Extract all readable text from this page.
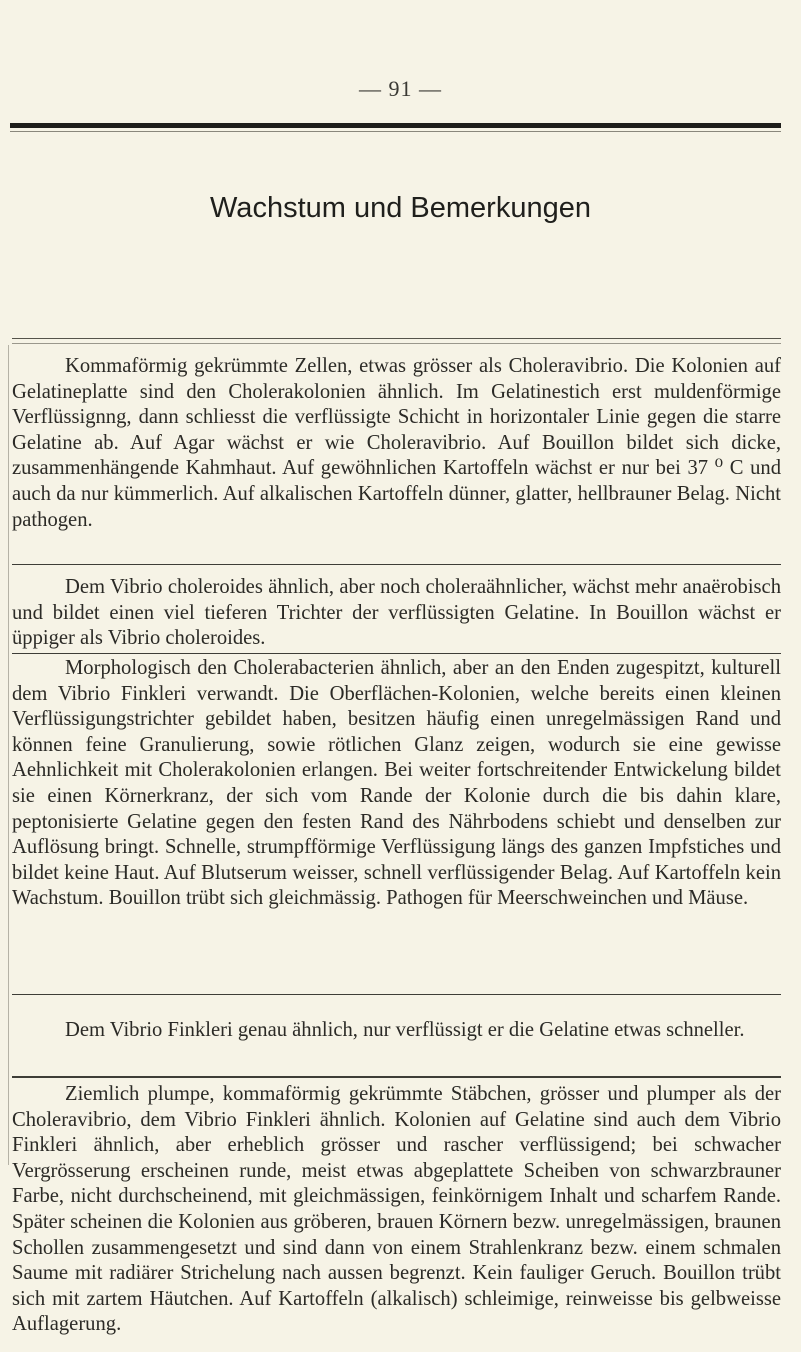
— 91 —
Wachstum und Bemerkungen

Kommaförmig gekrümmte Zellen, etwas grösser als Choleravibrio. Die Kolonien auf Gelatineplatte sind den Cholerakolonien ähnlich. Im Gelatinestich erst muldenförmige Verflüssignng, dann schliesst die verflüssigte Schicht in horizontaler Linie gegen die starre Gelatine ab. Auf Agar wächst er wie Choleravibrio. Auf Bouillon bildet sich dicke, zusammenhängende Kahmhaut. Auf gewöhnlichen Kartoffeln wächst er nur bei 37 ⁰ C und auch da nur kümmerlich. Auf alkalischen Kartoffeln dünner, glatter, hellbrauner Belag. Nicht pathogen.

Dem Vibrio choleroides ähnlich, aber noch choleraähnlicher, wächst mehr anaërobisch und bildet einen viel tieferen Trichter der verflüssigten Gelatine. In Bouillon wächst er üppiger als Vibrio choleroides.

Morphologisch den Cholerabacterien ähnlich, aber an den Enden zugespitzt, kulturell dem Vibrio Finkleri verwandt. Die Oberflächen-Kolonien, welche bereits einen kleinen Verflüssigungstrichter gebildet haben, besitzen häufig einen unregelmässigen Rand und können feine Granulierung, sowie rötlichen Glanz zeigen, wodurch sie eine gewisse Aehnlichkeit mit Cholerakolonien erlangen. Bei weiter fortschreitender Entwickelung bildet sie einen Körnerkranz, der sich vom Rande der Kolonie durch die bis dahin klare, peptonisierte Gelatine gegen den festen Rand des Nährbodens schiebt und denselben zur Auflösung bringt. Schnelle, strumpfförmige Verflüssigung längs des ganzen Impfstiches und bildet keine Haut. Auf Blutserum weisser, schnell verflüssigender Belag. Auf Kartoffeln kein Wachstum. Bouillon trübt sich gleichmässig. Pathogen für Meerschweinchen und Mäuse.

Dem Vibrio Finkleri genau ähnlich, nur verflüssigt er die Gelatine etwas schneller.

Ziemlich plumpe, kommaförmig gekrümmte Stäbchen, grösser und plumper als der Choleravibrio, dem Vibrio Finkleri ähnlich. Kolonien auf Gelatine sind auch dem Vibrio Finkleri ähnlich, aber erheblich grösser und rascher verflüssigend; bei schwacher Vergrösserung erscheinen runde, meist etwas abgeplattete Scheiben von schwarzbrauner Farbe, nicht durchscheinend, mit gleichmässigen, feinkörnigem Inhalt und scharfem Rande. Später scheinen die Kolonien aus gröberen, brauen Körnern bezw. unregelmässigen, braunen Schollen zusammengesetzt und sind dann von einem Strahlenkranz bezw. einem schmalen Saume mit radiärer Strichelung nach aussen begrenzt. Kein fauliger Geruch. Bouillon trübt sich mit zartem Häutchen. Auf Kartoffeln (alkalisch) schleimige, reinweisse bis gelbweisse Auflagerung.
